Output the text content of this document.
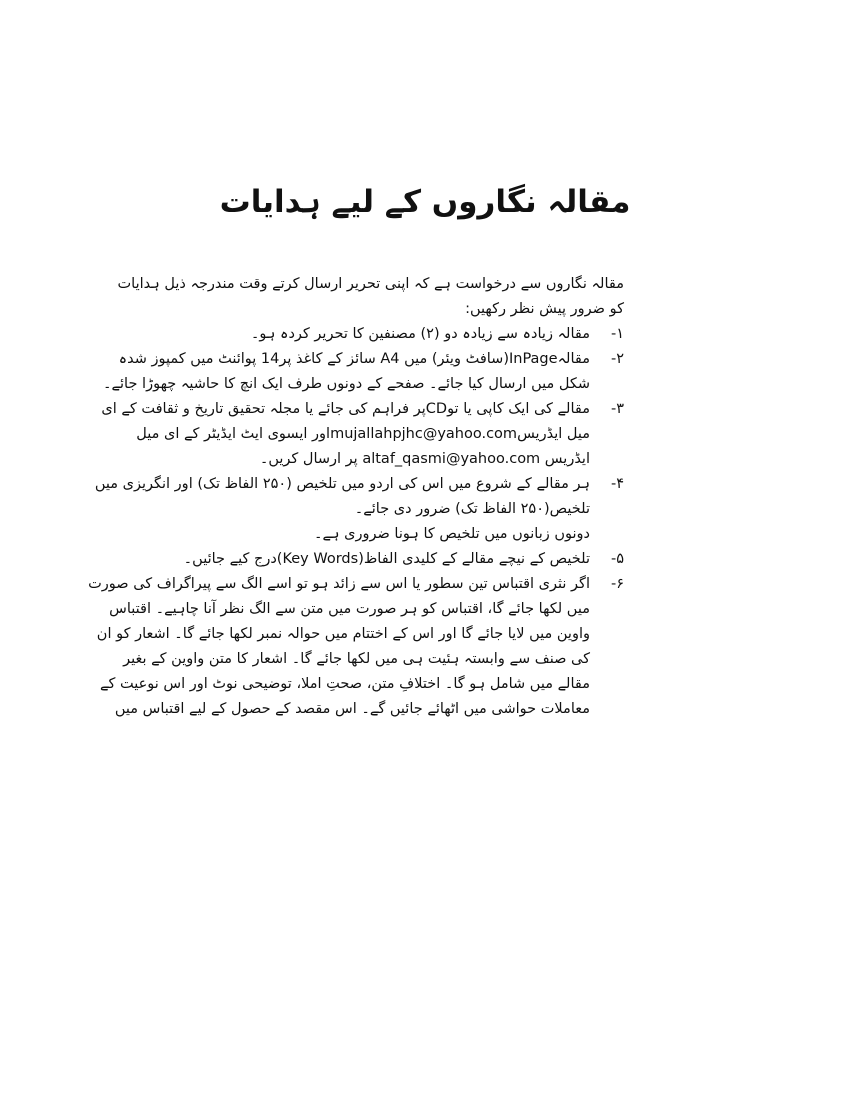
مقالہ نگاروں کے لیے ہدایات

مقالہ نگاروں سے درخواست ہے کہ اپنی تحریر ارسال کرتے وقت مندرجہ ذیل ہدایات
کو ضرور پیش نظر رکھیں:

۱-
مقالہ زیادہ سے زیادہ دو (۲) مصنفین کا تحریر کردہ ہو۔
۲-
مقالہInPage(سافٹ ویئر) میں A4 سائز کے کاغذ پر14 پوائنٹ میں کمپوز شدہ
شکل میں ارسال کیا جائے۔ صفحے کے دونوں طرف ایک انچ کا حاشیہ چھوڑا جائے۔
۳-
مقالے کی ایک کاپی یا توCDپر فراہم کی جائے یا مجلہ تحقیق تاریخ و ثقافت کے ای
میل ایڈریسmujallahpjhc@yahoo.comاور ایسوی ایٹ ایڈیٹر کے ای میل
ایڈریس altaf_qasmi@yahoo.com پر ارسال کریں۔
۴-
ہر مقالے کے شروع میں اس کی اردو میں تلخیص (۲۵۰ الفاظ تک) اور انگریزی میں
تلخیص(۲۵۰ الفاظ تک) ضرور دی جائے۔
دونوں زبانوں میں تلخیص کا ہونا ضروری ہے۔
۵-
تلخیص کے نیچے مقالے کے کلیدی الفاظ(Key Words)درج کیے جائیں۔
۶-
اگر نثری اقتباس تین سطور یا اس سے زائد ہو تو اسے الگ سے پیراگراف کی صورت
میں لکھا جائے گا، اقتباس کو ہر صورت میں متن سے الگ نظر آنا چاہیے۔ اقتباس
واوین میں لایا جائے گا اور اس کے اختتام میں حوالہ نمبر لکھا جائے گا۔ اشعار کو ان
کی صنف سے وابستہ ہئیت ہی میں لکھا جائے گا۔ اشعار کا متن واوین کے بغیر
مقالے میں شامل ہو گا۔ اختلافِ متن، صحتِ املا، توضیحی نوٹ اور اس نوعیت کے
معاملات حواشی میں اٹھائے جائیں گے۔ اس مقصد کے حصول کے لیے اقتباس میں
